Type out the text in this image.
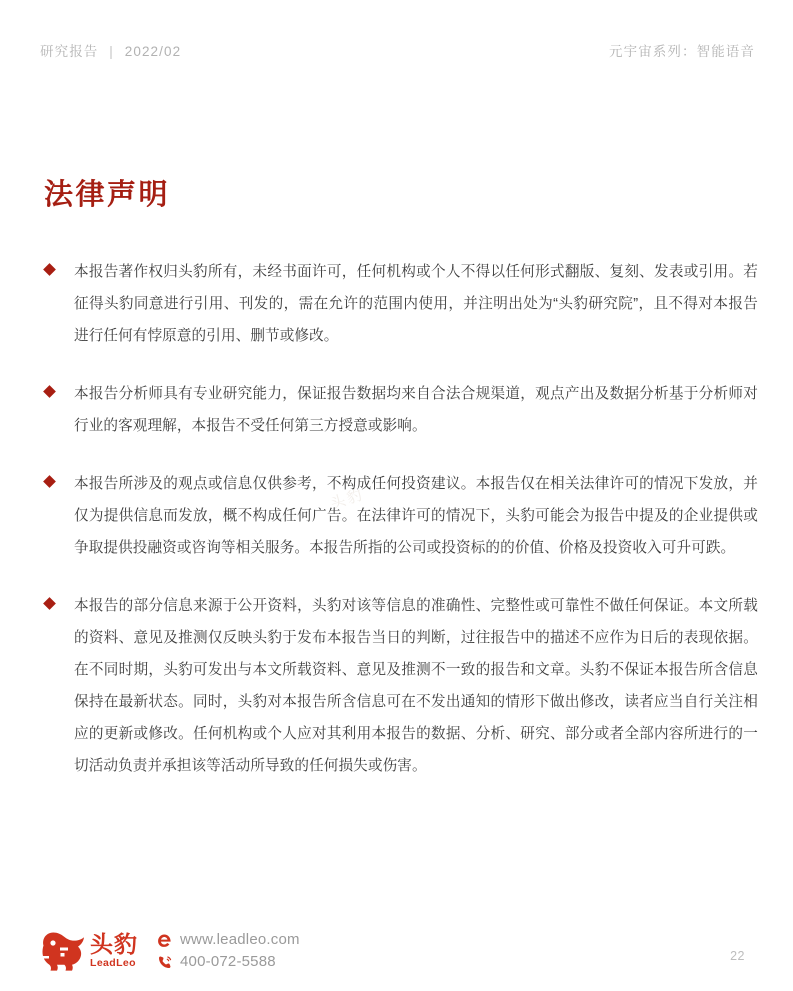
研究报告 | 2022/02	元宇宙系列：智能语音
法律声明
头豹
本报告著作权归头豹所有，未经书面许可，任何机构或个人不得以任何形式翻版、复刻、发表或引用。若征得头豹同意进行引用、刊发的，需在允许的范围内使用，并注明出处为“头豹研究院”，且不得对本报告进行任何有悖原意的引用、删节或修改。
本报告分析师具有专业研究能力，保证报告数据均来自合法合规渠道，观点产出及数据分析基于分析师对行业的客观理解，本报告不受任何第三方授意或影响。
本报告所涉及的观点或信息仅供参考，不构成任何投资建议。本报告仅在相关法律许可的情况下发放，并仅为提供信息而发放，概不构成任何广告。在法律许可的情况下，头豹可能会为报告中提及的企业提供或争取提供投融资或咨询等相关服务。本报告所指的公司或投资标的的价值、价格及投资收入可升可跌。
本报告的部分信息来源于公开资料，头豹对该等信息的准确性、完整性或可靠性不做任何保证。本文所载的资料、意见及推测仅反映头豹于发布本报告当日的判断，过往报告中的描述不应作为日后的表现依据。在不同时期，头豹可发出与本文所载资料、意见及推测不一致的报告和文章。头豹不保证本报告所含信息保持在最新状态。同时，头豹对本报告所含信息可在不发出通知的情形下做出修改，读者应当自行关注相应的更新或修改。任何机构或个人应对其利用本报告的数据、分析、研究、部分或者全部内容所进行的一切活动负责并承担该等活动所导致的任何损失或伤害。
头豹
LeadLeo
www.leadleo.com
400-072-5588	22
